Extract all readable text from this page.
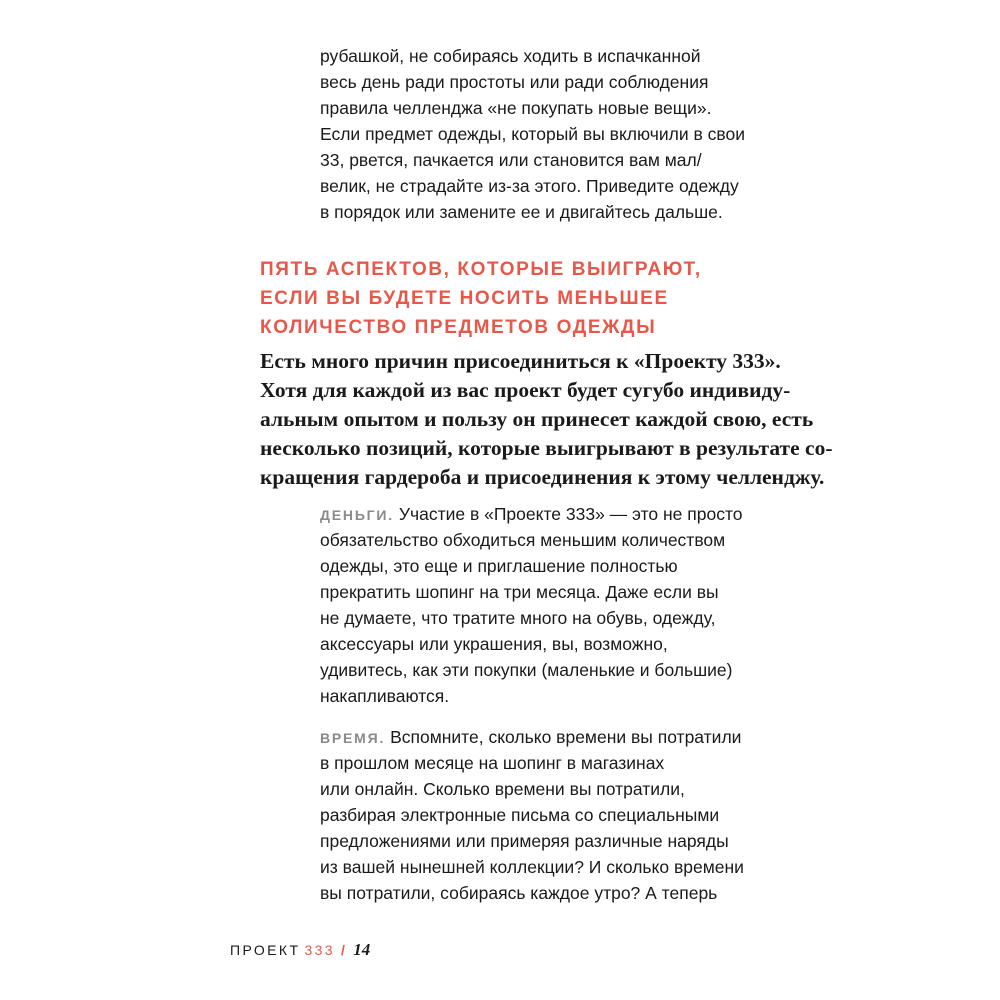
рубашкой, не собираясь ходить в испачканной
весь день ради простоты или ради соблюдения
правила челленджа «не покупать новые вещи».
Если предмет одежды, который вы включили в свои
33, рвется, пачкается или становится вам мал/
велик, не страдайте из-за этого. Приведите одежду
в порядок или замените ее и двигайтесь дальше.
ПЯТЬ АСПЕКТОВ, КОТОРЫЕ ВЫИГРАЮТ,
ЕСЛИ ВЫ БУДЕТЕ НОСИТЬ МЕНЬШЕЕ
КОЛИЧЕСТВО ПРЕДМЕТОВ ОДЕЖДЫ
Есть много причин присоединиться к «Проекту 333».
Хотя для каждой из вас проект будет сугубо индивиду-
альным опытом и пользу он принесет каждой свою, есть
несколько позиций, которые выигрывают в результате со-
кращения гардероба и присоединения к этому челленджу.
ДЕНЬГИ. Участие в «Проекте 333» — это не просто
обязательство обходиться меньшим количеством
одежды, это еще и приглашение полностью
прекратить шопинг на три месяца. Даже если вы
не думаете, что тратите много на обувь, одежду,
аксессуары или украшения, вы, возможно,
удивитесь, как эти покупки (маленькие и большие)
накапливаются.
ВРЕМЯ. Вспомните, сколько времени вы потратили
в прошлом месяце на шопинг в магазинах
или онлайн. Сколько времени вы потратили,
разбирая электронные письма со специальными
предложениями или примеряя различные наряды
из вашей нынешней коллекции? И сколько времени
вы потратили, собираясь каждое утро? А теперь
ПРОЕКТ 333 / 14
